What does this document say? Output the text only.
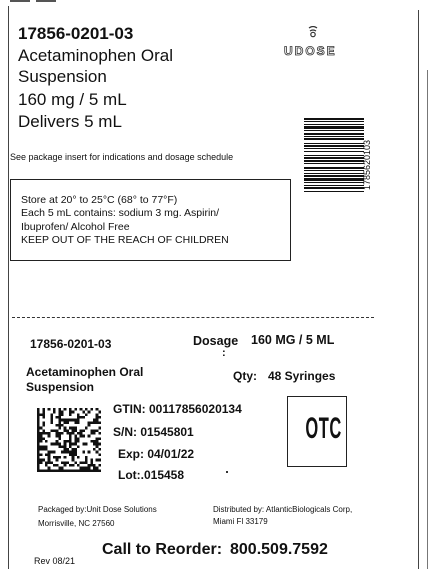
17856-0201-03
Acetaminophen Oral
Suspension
160 mg / 5 mL
Delivers 5 mL
UDOSE
1785620103
See package insert for indications and dosage schedule
Store at 20° to 25°C (68° to 77°F)
Each 5 mL contains: sodium 3 mg. Aspirin/
Ibuprofen/ Alcohol Free
KEEP OUT OF THE REACH OF CHILDREN
17856-0201-03	Dosage
:
160 MG / 5 ML
Acetaminophen Oral
Suspension
Qty: 48 Syringes
GTIN: 00117856020134
S/N: 01545801
Exp: 04/01/22
Lot:.015458
OTC
Packaged by:Unit Dose Solutions
Morrisville, NC 27560
Distributed by: AtlanticBiologicals Corp,
Miami Fl 33179
Rev 08/21
Call to Reorder: 800.509.7592
